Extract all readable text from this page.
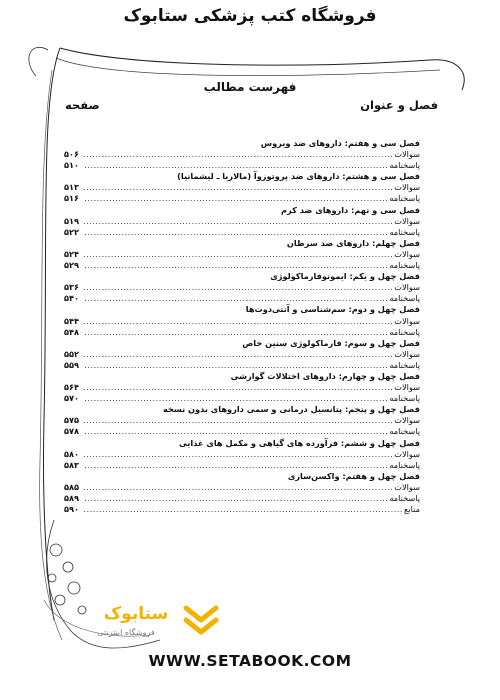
فروشگاه کتب پزشکی ستابوک
فهرست مطالب
فصل و عنوان
صفحه
فصل سی و هفتم: داروهای ضد ویروس
سوالات
.....
۵۰۶
پاسخنامه
.....
۵۱۰
فصل سی و هشتم: داروهای ضد پروتوزوآ (مالاریا ـ لیشمانیا)
سوالات
.....
۵۱۳
پاسخنامه
.....
۵۱۶
فصل سی و نهم: داروهای ضد کرم
سوالات
.....
۵۱۹
پاسخنامه
.....
۵۲۲
فصل چهلم: داروهای ضد سرطان
سوالات
.....
۵۲۴
پاسخنامه
.....
۵۲۹
فصل چهل و یکم: ایمونوفارماکولوژی
سوالات
.....
۵۳۶
پاسخنامه
.....
۵۴۰
فصل چهل و دوم: سم‌شناسی و آنتی‌دوت‌ها
سوالات
.....
۵۴۴
پاسخنامه
.....
۵۴۸
فصل چهل و سوم: فارماکولوژی سنین خاص
سوالات
.....
۵۵۲
پاسخنامه
.....
۵۵۹
فصل چهل و چهارم: داروهای اختلالات گوارشی
سوالات
.....
۵۶۴
پاسخنامه
.....
۵۷۰
فصل چهل و پنجم: پتانسیل درمانی و سمی داروهای بدون نسخه
سوالات
.....
۵۷۵
پاسخنامه
.....
۵۷۸
فصل چهل و ششم: فرآورده های گیاهی و مکمل های غذایی
سوالات
.....
۵۸۰
پاسخنامه
.....
۵۸۳
فصل چهل و هفتم: واکسن‌سازی
سوالات
.....
۵۸۵
پاسخنامه
.....
۵۸۹
منابع
.....
۵۹۰
ستابوک
فروشگاه اینترنتی
WWW.SETABOOK.COM
